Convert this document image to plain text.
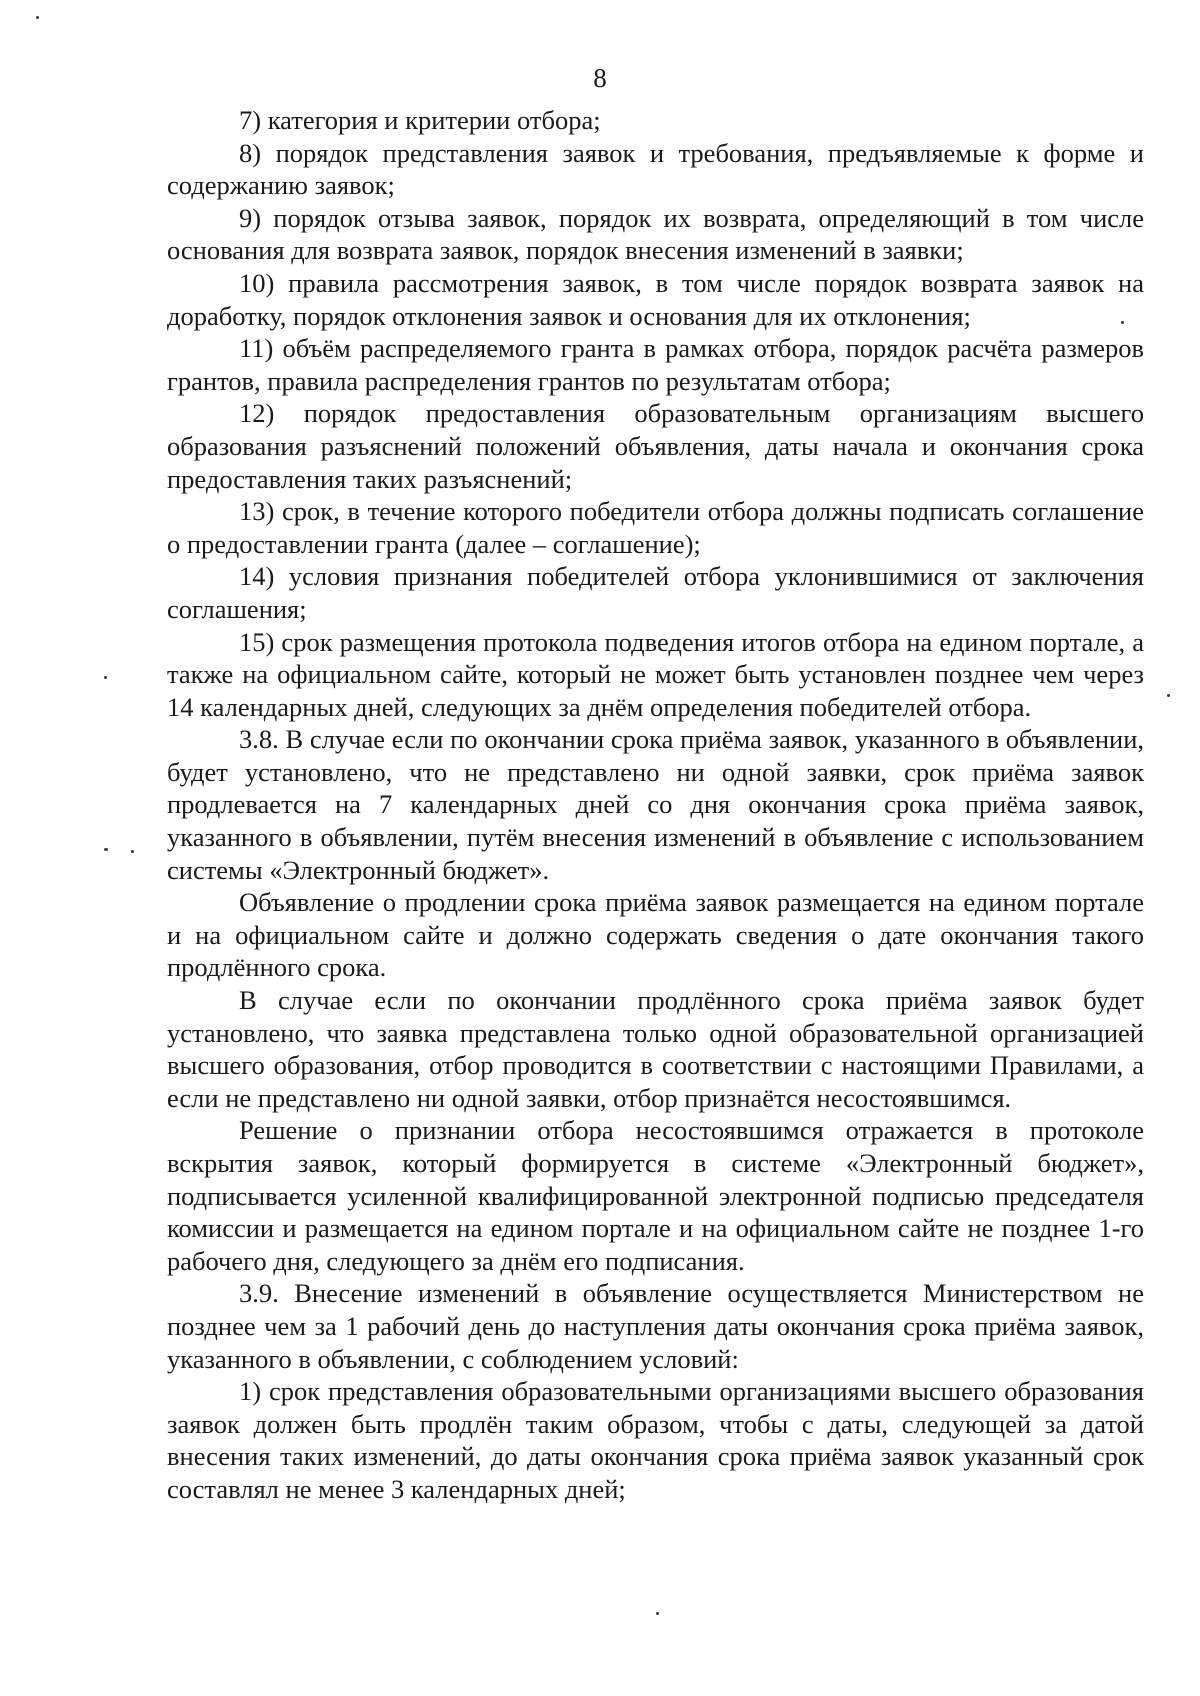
8

7) категория и критерии отбора;

8) порядок представления заявок и требования, предъявляемые к форме и содержанию заявок;

9) порядок отзыва заявок, порядок их возврата, определяющий в том числе основания для возврата заявок, порядок внесения изменений в заявки;

10) правила рассмотрения заявок, в том числе порядок возврата заявок на доработку, порядок отклонения заявок и основания для их отклонения;

11) объём распределяемого гранта в рамках отбора, порядок расчёта размеров грантов, правила распределения грантов по результатам отбора;

12) порядок предоставления образовательным организациям высшего образования разъяснений положений объявления, даты начала и окончания срока предоставления таких разъяснений;

13) срок, в течение которого победители отбора должны подписать соглашение о предоставлении гранта (далее – соглашение);

14) условия признания победителей отбора уклонившимися от заключения соглашения;

15) срок размещения протокола подведения итогов отбора на едином портале, а также на официальном сайте, который не может быть установлен позднее чем через 14 календарных дней, следующих за днём определения победителей отбора.

3.8. В случае если по окончании срока приёма заявок, указанного в объявлении, будет установлено, что не представлено ни одной заявки, срок приёма заявок продлевается на 7 календарных дней со дня окончания срока приёма заявок, указанного в объявлении, путём внесения изменений в объявление с использованием системы «Электронный бюджет».

Объявление о продлении срока приёма заявок размещается на едином портале и на официальном сайте и должно содержать сведения о дате окончания такого продлённого срока.

В случае если по окончании продлённого срока приёма заявок будет установлено, что заявка представлена только одной образовательной организацией высшего образования, отбор проводится в соответствии с настоящими Правилами, а если не представлено ни одной заявки, отбор признаётся несостоявшимся.

Решение о признании отбора несостоявшимся отражается в протоколе вскрытия заявок, который формируется в системе «Электронный бюджет», подписывается усиленной квалифицированной электронной подписью председателя комиссии и размещается на едином портале и на официальном сайте не позднее 1-го рабочего дня, следующего за днём его подписания.

3.9. Внесение изменений в объявление осуществляется Министерством не позднее чем за 1 рабочий день до наступления даты окончания срока приёма заявок, указанного в объявлении, с соблюдением условий:

1) срок представления образовательными организациями высшего образования заявок должен быть продлён таким образом, чтобы с даты, следующей за датой внесения таких изменений, до даты окончания срока приёма заявок указанный срок составлял не менее 3 календарных дней;
